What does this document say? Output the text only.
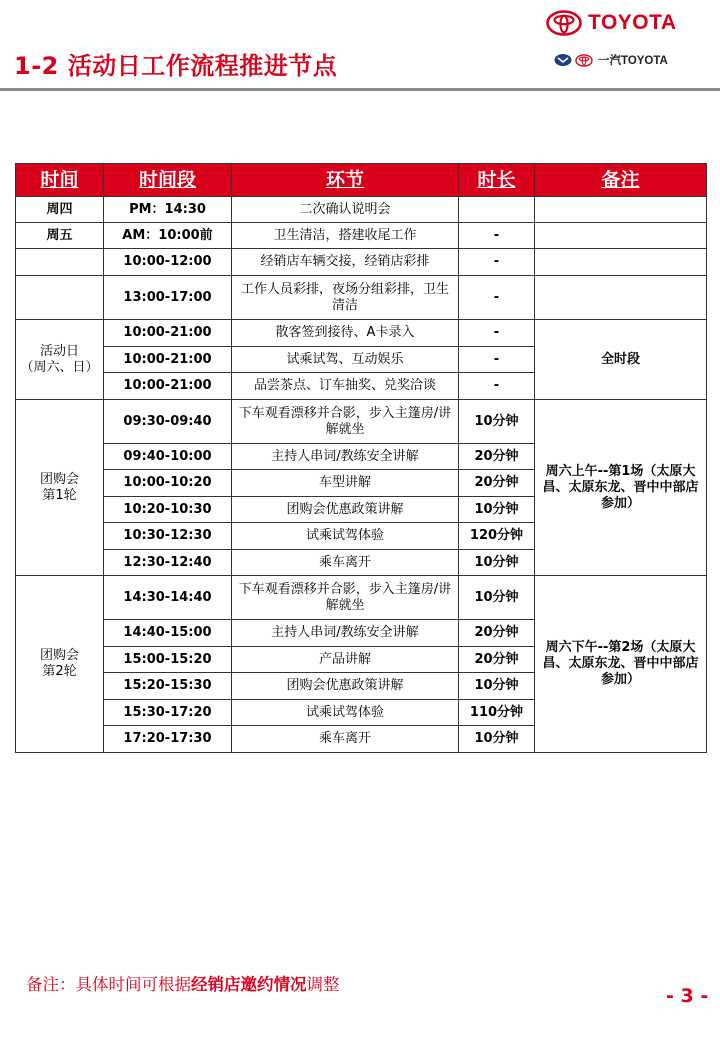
1-2 活动日工作流程推进节点
TOYOTA
一汽TOYOTA
时间	时间段	环节	时长	备注
周四	PM：14:30	二次确认说明会		
周五	AM：10:00前	卫生清洁，搭建收尾工作	-	
	10:00-12:00	经销店车辆交接，经销店彩排	-	
	13:00-17:00	工作人员彩排，夜场分组彩排，卫生清洁	-	

活动日
（周六、日）	10:00-21:00	散客签到接待、A卡录入	-	全时段
	10:00-21:00	试乘试驾、互动娱乐	-	
	10:00-21:00	品尝茶点、订车抽奖、兑奖洽谈	-	

团购会
第1轮	09:30-09:40	下车观看漂移并合影，步入主篷房/讲解就坐	10分钟	周六上午--第1场（太原大昌、太原东龙、晋中中部店参加）
	09:40-10:00	主持人串词/教练安全讲解	20分钟	
	10:00-10:20	车型讲解	20分钟	
	10:20-10:30	团购会优惠政策讲解	10分钟	
	10:30-12:30	试乘试驾体验	120分钟	
	12:30-12:40	乘车离开	10分钟	

团购会
第2轮	14:30-14:40	下车观看漂移并合影，步入主篷房/讲解就坐	10分钟	周六下午--第2场（太原大昌、太原东龙、晋中中部店参加）
	14:40-15:00	主持人串词/教练安全讲解	20分钟	
	15:00-15:20	产品讲解	20分钟	
	15:20-15:30	团购会优惠政策讲解	10分钟	
	15:30-17:20	试乘试驾体验	110分钟	
	17:20-17:30	乘车离开	10分钟	
备注：具体时间可根据经销店邀约情况调整
- 3 -
